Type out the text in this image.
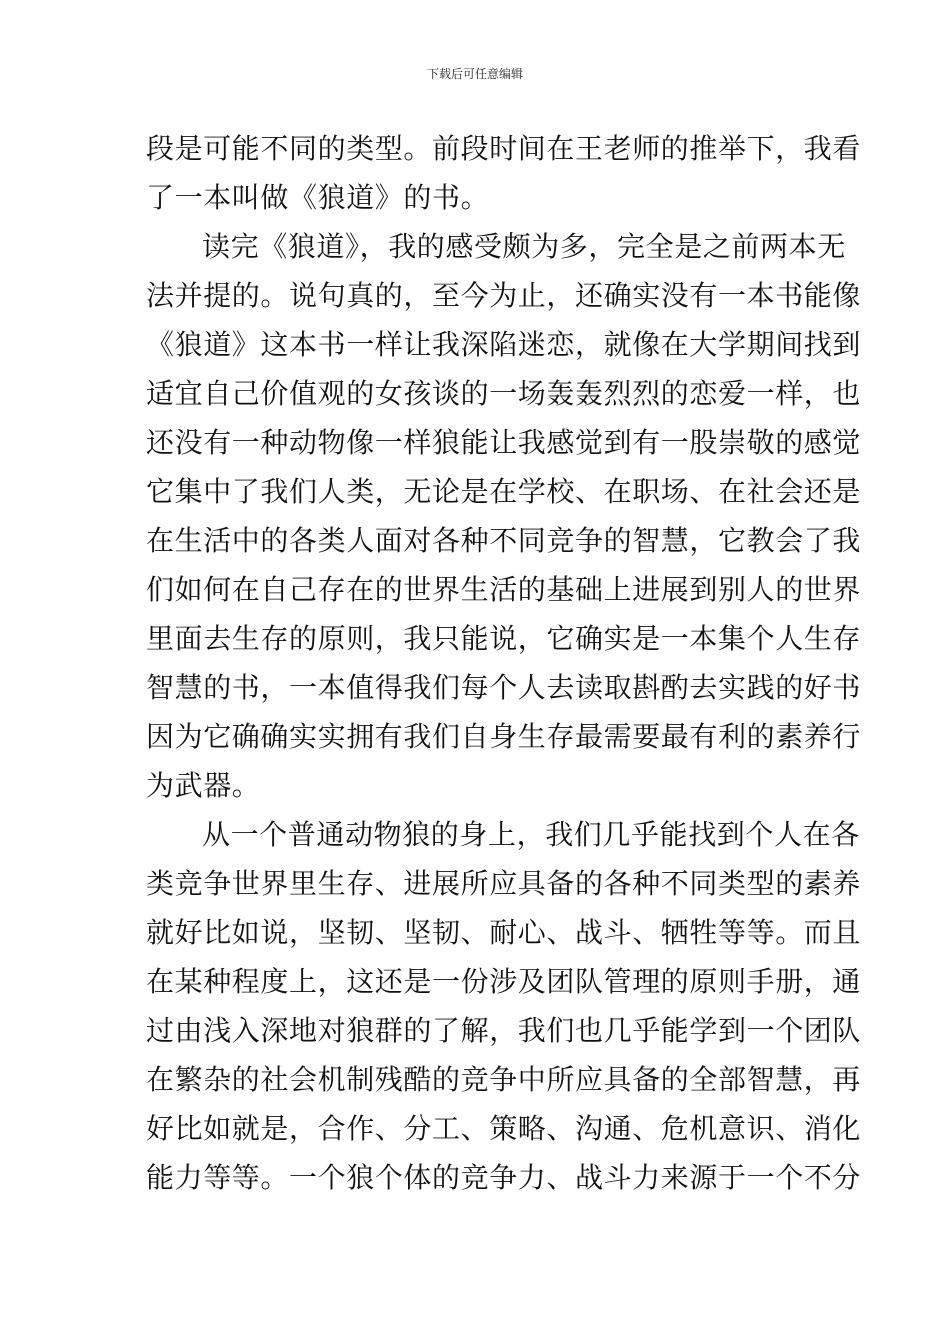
下载后可任意编辑
段是可能不同的类型。前段时间在王老师的推举下，我看
了一本叫做《狼道》的书。
读完《狼道》，我的感受颇为多，完全是之前两本无
法并提的。说句真的，至今为止，还确实没有一本书能像
《狼道》这本书一样让我深陷迷恋，就像在大学期间找到
适宜自己价值观的女孩谈的一场轰轰烈烈的恋爱一样，也
还没有一种动物像一样狼能让我感觉到有一股崇敬的感觉
它集中了我们人类，无论是在学校、在职场、在社会还是
在生活中的各类人面对各种不同竞争的智慧，它教会了我
们如何在自己存在的世界生活的基础上进展到别人的世界
里面去生存的原则，我只能说，它确实是一本集个人生存
智慧的书，一本值得我们每个人去读取斟酌去实践的好书
因为它确确实实拥有我们自身生存最需要最有利的素养行
为武器。
从一个普通动物狼的身上，我们几乎能找到个人在各
类竞争世界里生存、进展所应具备的各种不同类型的素养
就好比如说，坚韧、坚韧、耐心、战斗、牺牲等等。而且
在某种程度上，这还是一份涉及团队管理的原则手册，通
过由浅入深地对狼群的了解，我们也几乎能学到一个团队
在繁杂的社会机制残酷的竞争中所应具备的全部智慧，再
好比如就是，合作、分工、策略、沟通、危机意识、消化
能力等等。一个狼个体的竞争力、战斗力来源于一个不分
